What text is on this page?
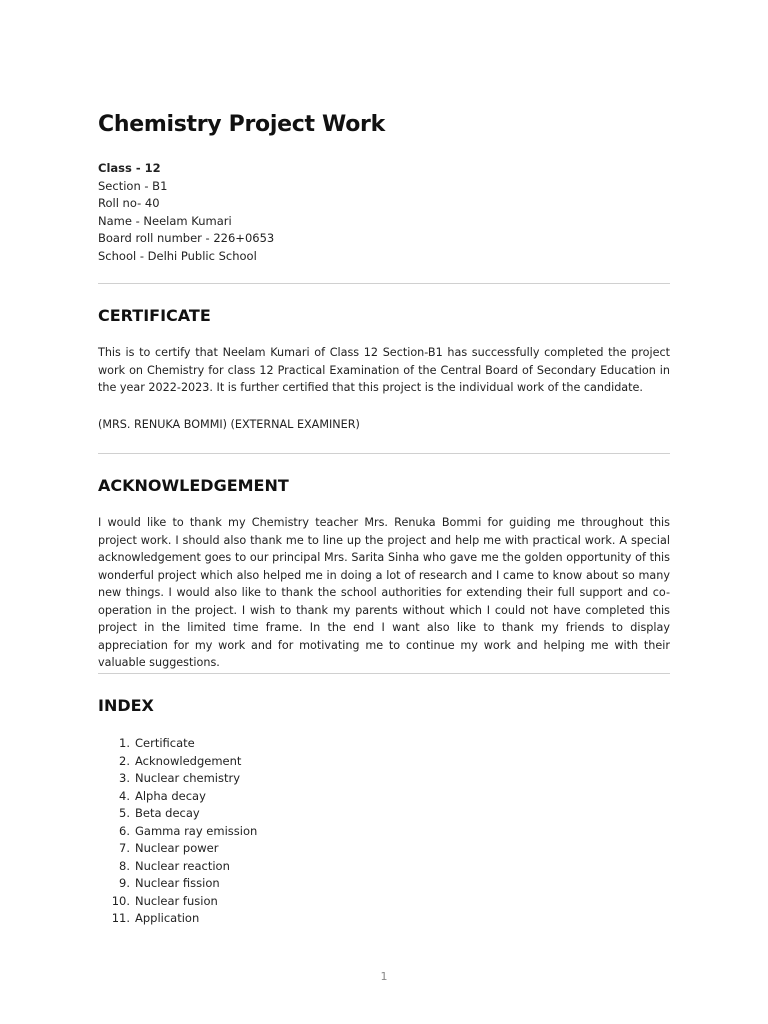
Chemistry Project Work
Class - 12
Section - B1
Roll no- 40
Name - Neelam Kumari
Board roll number - 226+0653
School - Delhi Public School
CERTIFICATE

This is to certify that Neelam Kumari of Class 12 Section-B1 has successfully completed the project work on Chemistry for class 12 Practical Examination of the Central Board of Secondary Education in the year 2022-2023. It is further certified that this project is the individual work of the candidate.

(MRS. RENUKA BOMMI) (EXTERNAL EXAMINER)

ACKNOWLEDGEMENT

I would like to thank my Chemistry teacher Mrs. Renuka Bommi for guiding me throughout this project work. I should also thank me to line up the project and help me with practical work. A special acknowledgement goes to our principal Mrs. Sarita Sinha who gave me the golden opportunity of this wonderful project which also helped me in doing a lot of research and I came to know about so many new things. I would also like to thank the school authorities for extending their full support and co-operation in the project. I wish to thank my parents without which I could not have completed this project in the limited time frame. In the end I want also like to thank my friends to display appreciation for my work and for motivating me to continue my work and helping me with their valuable suggestions.

INDEX
1. Certificate
2. Acknowledgement
3. Nuclear chemistry
4. Alpha decay
5. Beta decay
6. Gamma ray emission
7. Nuclear power
8. Nuclear reaction
9. Nuclear fission
10. Nuclear fusion
11. Application
1
